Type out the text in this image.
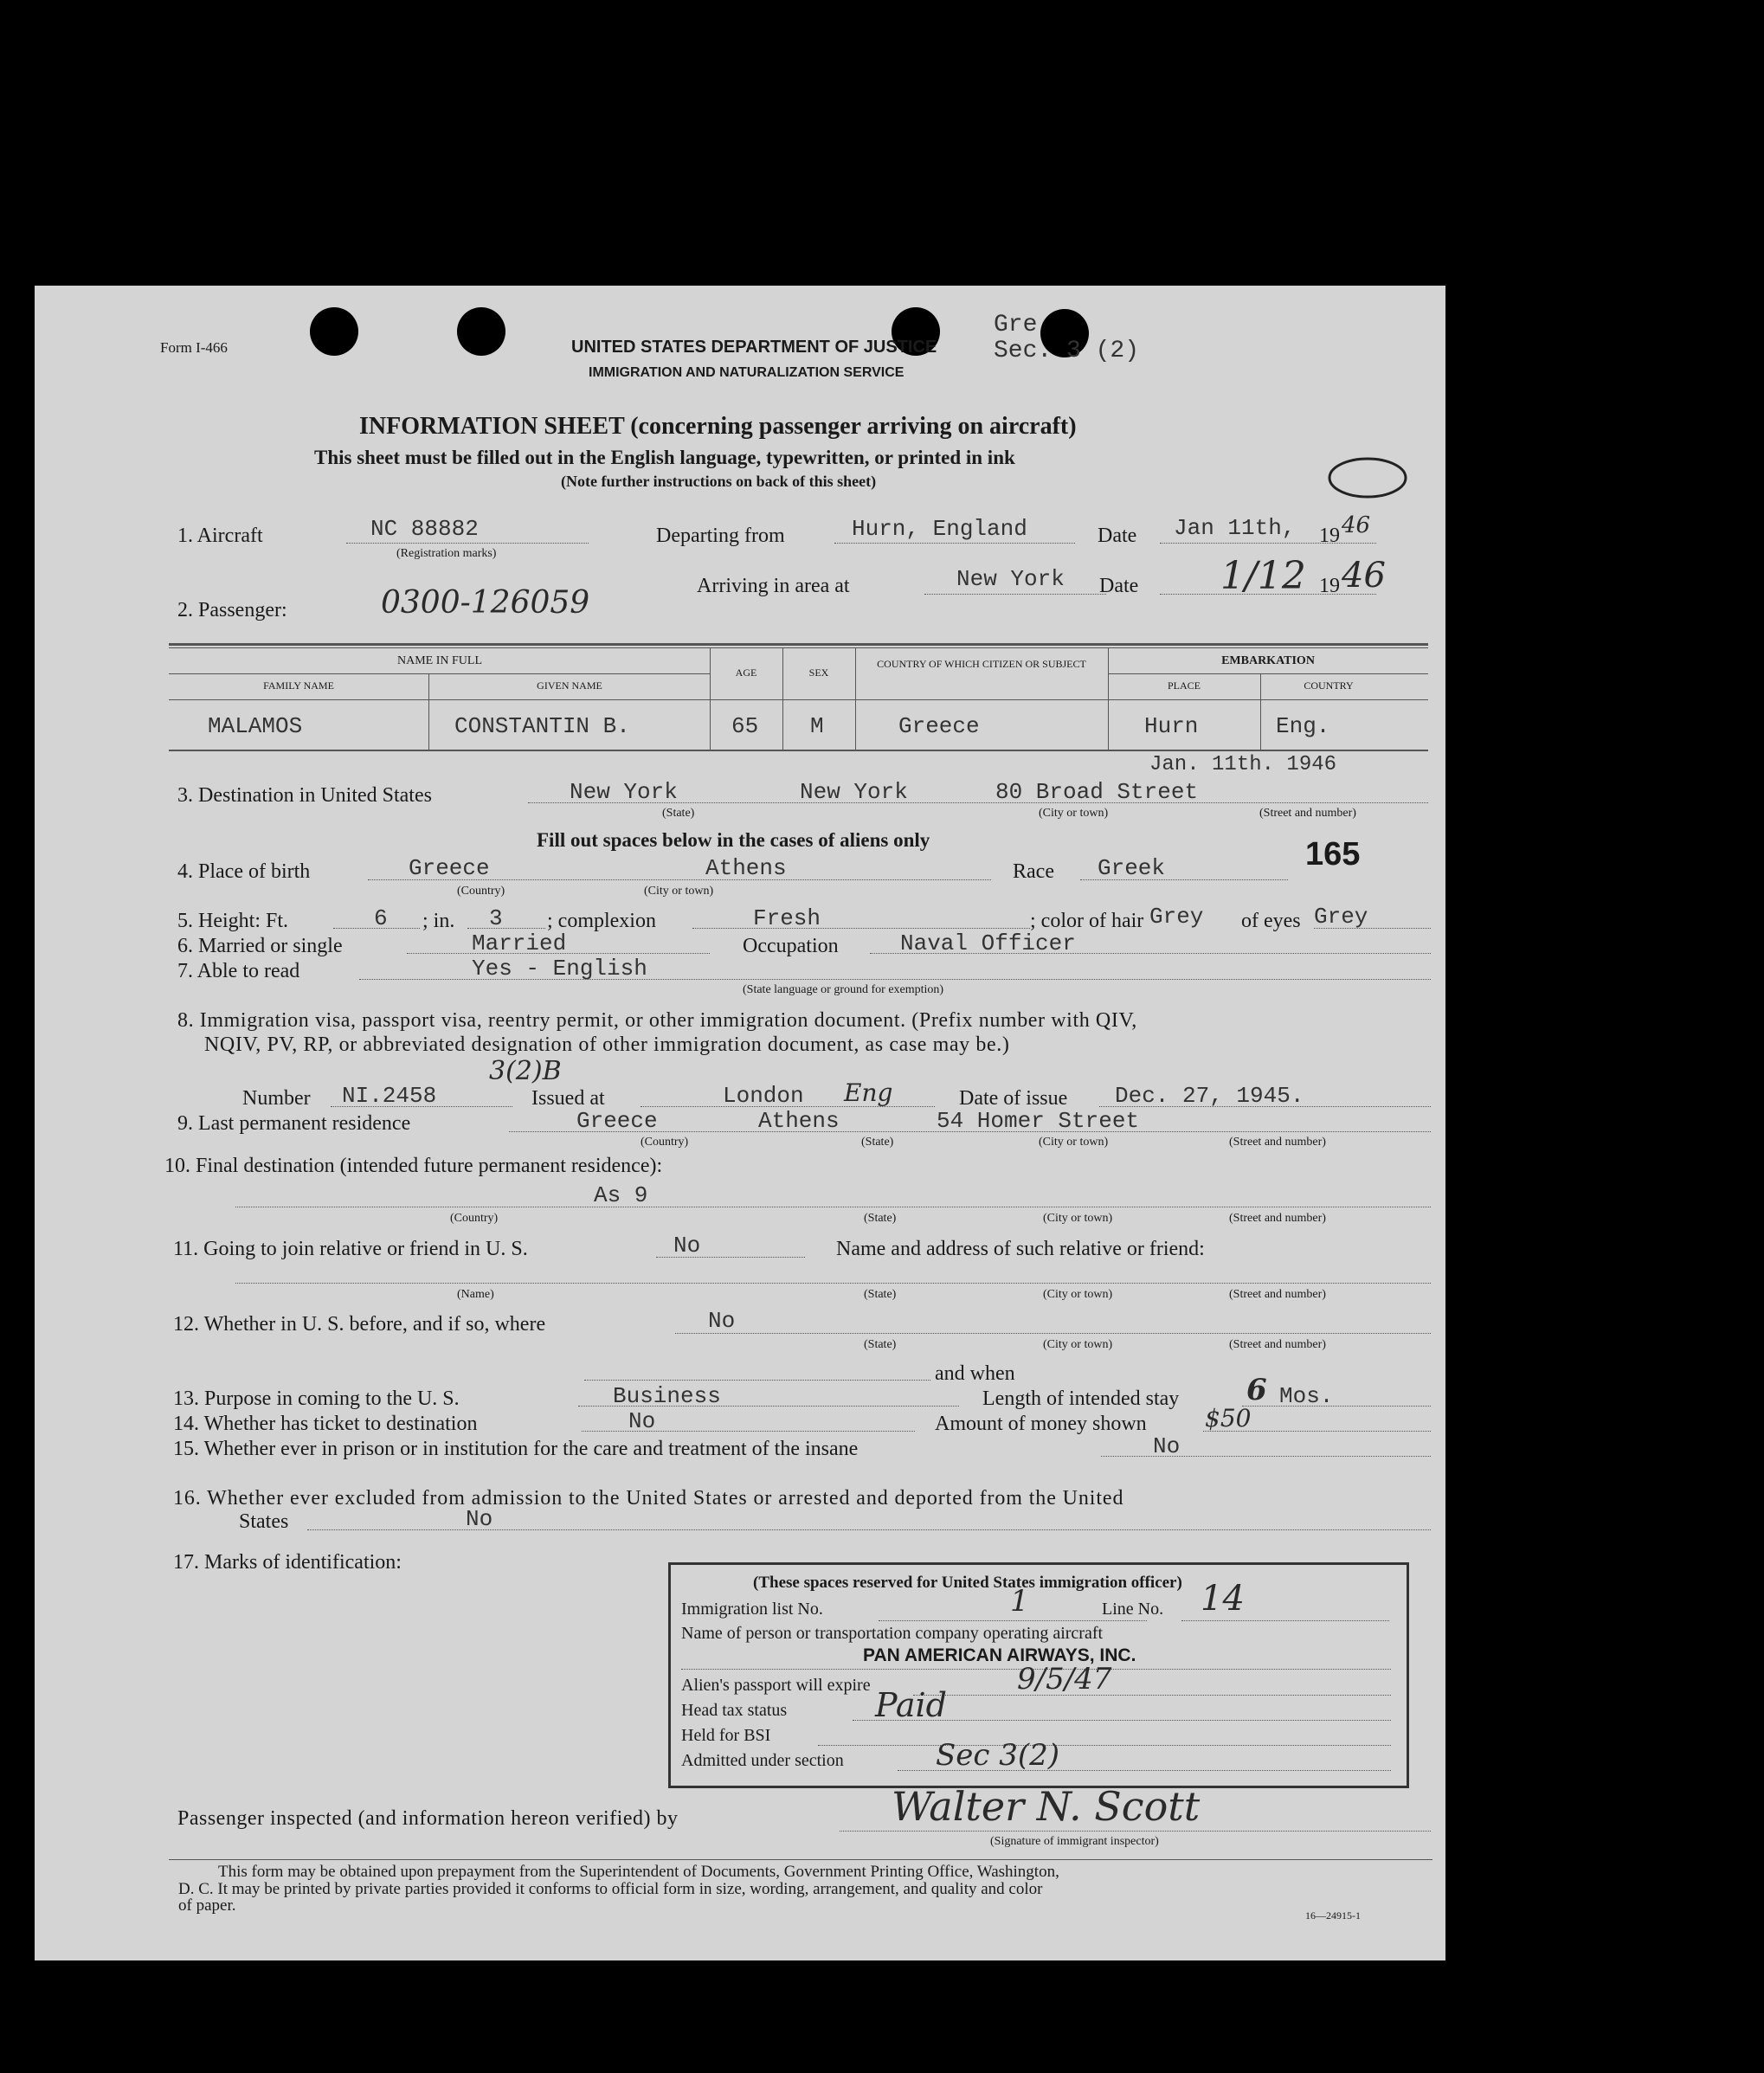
Form I-466	UNITED STATES DEPARTMENT OF JUSTICE
IMMIGRATION AND NATURALIZATION SERVICE
Gre
Sec. 3 (2)
INFORMATION SHEET (concerning passenger arriving on aircraft)
This sheet must be filled out in the English language, typewritten, or printed in ink
(Note further instructions on back of this sheet)
1. Aircraft	NC 88882
(Registration marks)
Departing from	Hurn, England	Date Jan 11th, 19 46
2. Passenger:	0300-126059	Arriving in area at	New York Date 1/12 19 46
NAME IN FULL
FAMILY NAME	GIVEN NAME
AGE	SEX
COUNTRY OF WHICH CITIZEN OR SUBJECT	EMBARKATION
PLACE	COUNTRY
MALAMOS	CONSTANTIN B.	65 M	Greece	Hurn	Eng.
Jan. 11th. 1946
3. Destination in United States	New York	New York	80 Broad Street
(State)	(City or town)	(Street and number)
Fill out spaces below in the cases of aliens only	165
4. Place of birth	Greece	Athens
(Country)	(City or town)
Race Greek
5. Height: Ft.	6 ; in. 3 ; complexion	Fresh	; color of hair Grey of eyes Grey
6. Married or single	Married	Occupation	Naval Officer
7. Able to read	Yes - English
(State language or ground for exemption)
8. Immigration visa, passport visa, reentry permit, or other immigration document. (Prefix number with QIV,
NQIV, PV, RP, or abbreviated designation of other immigration document, as case may be.)
3(2)B
Number NI.2458	Issued at	London Eng	Date of issue Dec. 27, 1945.
9. Last permanent residence	Greece	Athens	54 Homer Street
(Country)	(State)	(City or town)	(Street and number)
10. Final destination (intended future permanent residence):
As 9
(Country)	(State)	(City or town)	(Street and number)
11. Going to join relative or friend in U. S.	No	Name and address of such relative or friend:
(Name)	(State)	(City or town)	(Street and number)
12. Whether in U. S. before, and if so, where	No
(State)	(City or town)	(Street and number)
and when
13. Purpose in coming to the U. S.	Business	Length of intended stay 6 Mos.
14. Whether has ticket to destination	No	Amount of money shown $50
15. Whether ever in prison or in institution for the care and treatment of the insane	No
16. Whether ever excluded from admission to the United States or arrested and deported from the United
States	No
17. Marks of identification:
(These spaces reserved for United States immigration officer)
Immigration list No.	1	Line No. 14
Name of person or transportation company operating aircraft
PAN AMERICAN AIRWAYS, INC.
Alien's passport will expire	9/5/47
Head tax status	Paid
Held for BSI
Admitted under section	Sec 3(2)
Passenger inspected (and information hereon verified) by	Walter N. Scott
(Signature of immigrant inspector)
This form may be obtained upon prepayment from the Superintendent of Documents, Government Printing Office, Washington,
D. C. It may be printed by private parties provided it conforms to official form in size, wording, arrangement, and quality and color
of paper.
16—24915-1
